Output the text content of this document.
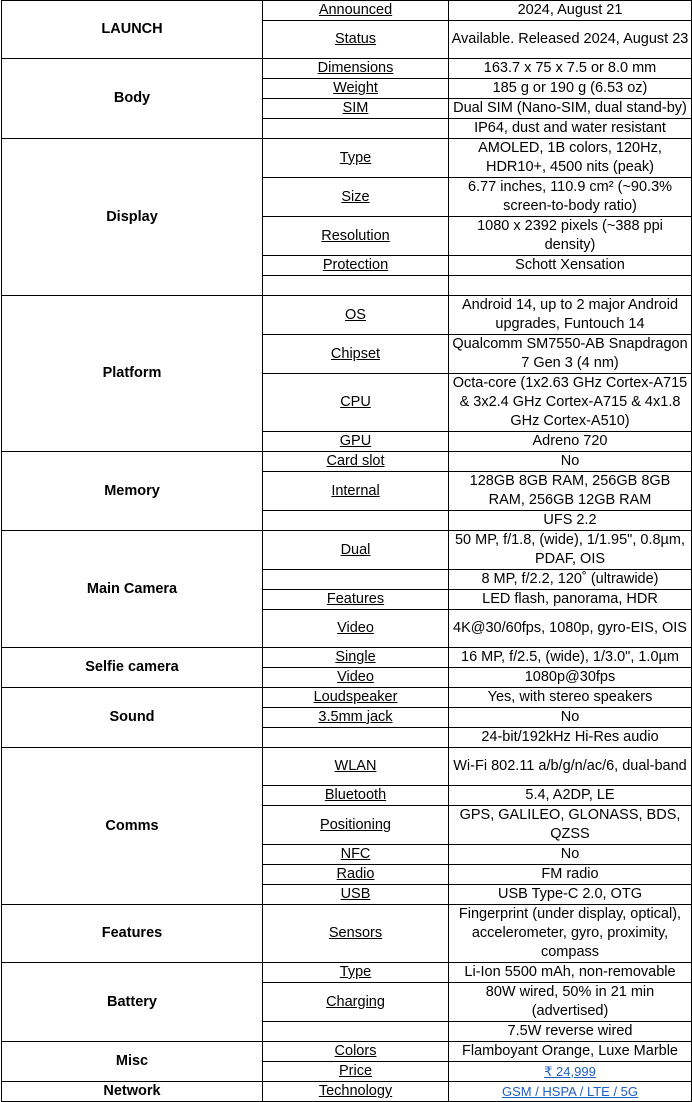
LAUNCH	Announced	2024, August 21
	Status	Available. Released 2024, August 23
Body	Dimensions	163.7 x 75 x 7.5 or 8.0 mm
	Weight	185 g or 190 g (6.53 oz)
	SIM	Dual SIM (Nano-SIM, dual stand-by)
		IP64, dust and water resistant
Display	Type	AMOLED, 1B colors, 120Hz, HDR10+, 4500 nits (peak)
	Size	6.77 inches, 110.9 cm² (~90.3% screen-to-body ratio)
	Resolution	1080 x 2392 pixels (~388 ppi density)
	Protection	Schott Xensation

Platform	OS	Android 14, up to 2 major Android upgrades, Funtouch 14
	Chipset	Qualcomm SM7550-AB Snapdragon 7 Gen 3 (4 nm)
	CPU	Octa-core (1x2.63 GHz Cortex-A715 & 3x2.4 GHz Cortex-A715 & 4x1.8 GHz Cortex-A510)
	GPU	Adreno 720
Memory	Card slot	No
	Internal	128GB 8GB RAM, 256GB 8GB RAM, 256GB 12GB RAM
		UFS 2.2
Main Camera	Dual	50 MP, f/1.8, (wide), 1/1.95", 0.8µm, PDAF, OIS
		8 MP, f/2.2, 120˚ (ultrawide)
	Features	LED flash, panorama, HDR
	Video	4K@30/60fps, 1080p, gyro-EIS, OIS
Selfie camera	Single	16 MP, f/2.5, (wide), 1/3.0", 1.0µm
	Video	1080p@30fps
Sound	Loudspeaker	Yes, with stereo speakers
	3.5mm jack	No
		24-bit/192kHz Hi-Res audio
Comms	WLAN	Wi-Fi 802.11 a/b/g/n/ac/6, dual-band
	Bluetooth	5.4, A2DP, LE
	Positioning	GPS, GALILEO, GLONASS, BDS, QZSS
	NFC	No
	Radio	FM radio
	USB	USB Type-C 2.0, OTG
Features	Sensors	Fingerprint (under display, optical), accelerometer, gyro, proximity, compass
Battery	Type	Li-Ion 5500 mAh, non-removable
	Charging	80W wired, 50% in 21 min (advertised)
		7.5W reverse wired
Misc	Colors	Flamboyant Orange, Luxe Marble
	Price	₹ 24,999
Network	Technology	GSM / HSPA / LTE / 5G
